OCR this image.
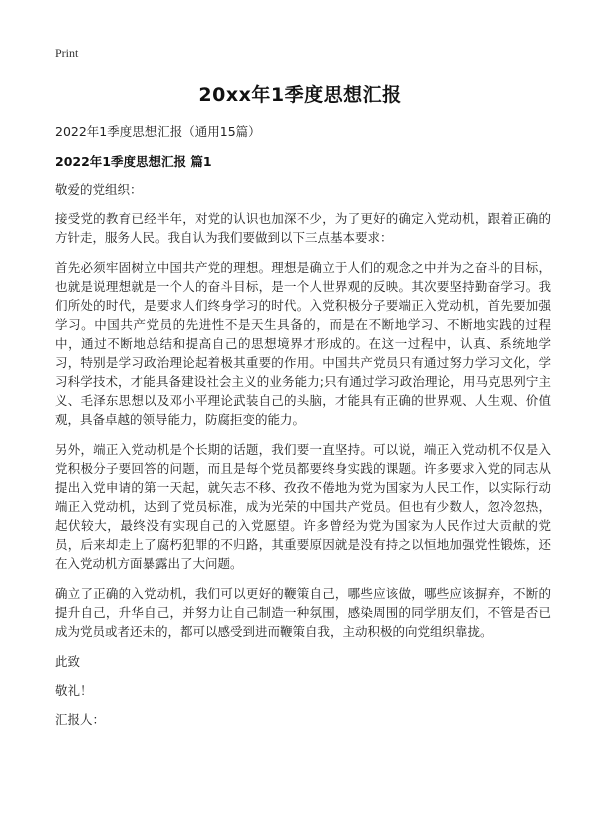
Print
20xx年1季度思想汇报
2022年1季度思想汇报（通用15篇）
2022年1季度思想汇报 篇1

敬爱的党组织：

接受党的教育已经半年，对党的认识也加深不少，为了更好的确定入党动机，跟着正确的方针走，服务人民。我自认为我们要做到以下三点基本要求：

首先必须牢固树立中国共产党的理想。理想是确立于人们的观念之中并为之奋斗的目标，也就是说理想就是一个人的奋斗目标，是一个人世界观的反映。其次要坚持勤奋学习。我们所处的时代，是要求人们终身学习的时代。入党积极分子要端正入党动机，首先要加强学习。中国共产党员的先进性不是天生具备的，而是在不断地学习、不断地实践的过程中，通过不断地总结和提高自己的思想境界才形成的。在这一过程中，认真、系统地学习，特别是学习政治理论起着极其重要的作用。中国共产党员只有通过努力学习文化，学习科学技术，才能具备建设社会主义的业务能力;只有通过学习政治理论，用马克思列宁主义、毛泽东思想以及邓小平理论武装自己的头脑，才能具有正确的世界观、人生观、价值观，具备卓越的领导能力，防腐拒变的能力。

另外，端正入党动机是个长期的话题，我们要一直坚持。可以说，端正入党动机不仅是入党积极分子要回答的问题，而且是每个党员都要终身实践的课题。许多要求入党的同志从提出入党申请的第一天起，就矢志不移、孜孜不倦地为党为国家为人民工作，以实际行动端正入党动机，达到了党员标准，成为光荣的中国共产党员。但也有少数人，忽冷忽热，起伏较大，最终没有实现自己的入党愿望。许多曾经为党为国家为人民作过大贡献的党员，后来却走上了腐朽犯罪的不归路，其重要原因就是没有持之以恒地加强党性锻炼，还在入党动机方面暴露出了大问题。

确立了正确的入党动机，我们可以更好的鞭策自己，哪些应该做，哪些应该摒弃，不断的提升自己，升华自己，并努力让自己制造一种氛围，感染周围的同学朋友们，不管是否已成为党员或者还未的，都可以感受到进而鞭策自我，主动积极的向党组织靠拢。

此致

敬礼！

汇报人：
